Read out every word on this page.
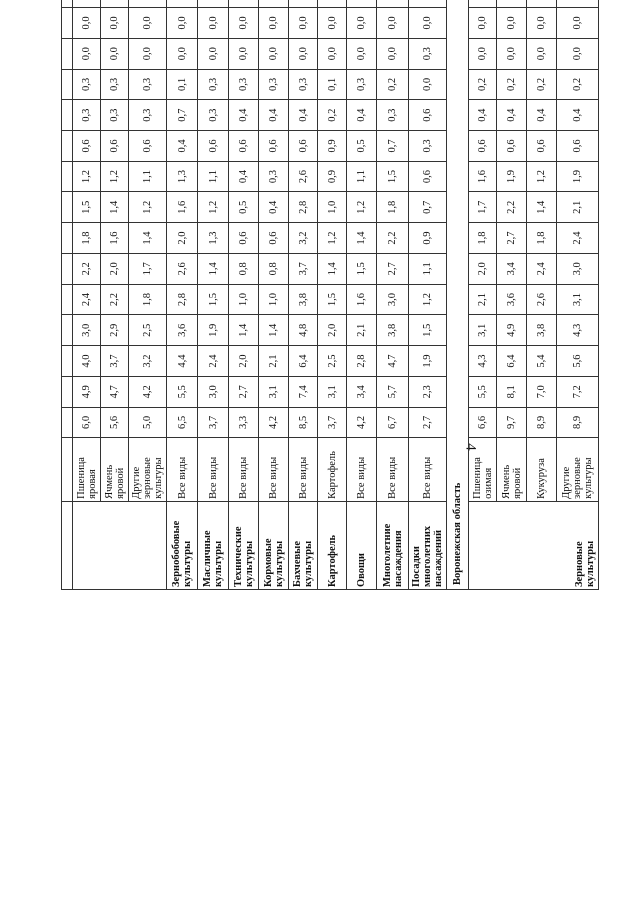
4

	Пшеница яровая	6,0	4,9	4,0	3,0	2,4	2,2	1,8	1,5	1,2	0,6	0,3	0,3	0,0	0,0					
	Ячмень яровой	5,6	4,7	3,7	2,9	2,2	2,0	1,6	1,4	1,2	0,6	0,3	0,3	0,0	0,0					
	Другие зерновые культуры	5,0	4,2	3,2	2,5	1,8	1,7	1,4	1,2	1,1	0,6	0,3	0,3	0,0	0,0					
Зернобобовые культуры	Все виды	6,5	5,5	4,4	3,6	2,8	2,6	2,0	1,6	1,3	0,4	0,7	0,1	0,0	0,0					
Масличные культуры	Все виды	3,7	3,0	2,4	1,9	1,5	1,4	1,3	1,2	1,1	0,6	0,3	0,3	0,0	0,0					
Технические культуры	Все виды	3,3	2,7	2,0	1,4	1,0	0,8	0,6	0,5	0,4	0,6	0,4	0,3	0,0	0,0					
Кормовые культуры	Все виды	4,2	3,1	2,1	1,4	1,0	0,8	0,6	0,4	0,3	0,6	0,4	0,3	0,0	0,0					
Бахчевые культуры	Все виды	8,5	7,4	6,4	4,8	3,8	3,7	3,2	2,8	2,6	0,6	0,4	0,3	0,0	0,0					
Картофель	Картофель	3,7	3,1	2,5	2,0	1,5	1,4	1,2	1,0	0,9	0,9	0,2	0,1	0,0	0,0					
Овощи	Все виды	4,2	3,4	2,8	2,1	1,6	1,5	1,4	1,2	1,1	0,5	0,4	0,3	0,0	0,0					
Многолетние насаждения	Все виды	6,7	5,7	4,7	3,8	3,0	2,7	2,2	1,8	1,5	0,7	0,3	0,2	0,0	0,0					
Посадки многолетних насаждений	Все виды	2,7	2,3	1,9	1,5	1,2	1,1	0,9	0,7	0,6	0,3	0,6	0,0	0,3	0,0					
Воронежская область																				
Зерновые культуры	Пшеница озимая	6,6	5,5	4,3	3,1	2,1	2,0	1,8	1,7	1,6	0,6	0,4	0,2	0,0	0,0					
	Ячмень яровой	9,7	8,1	6,4	4,9	3,6	3,4	2,7	2,2	1,9	0,6	0,4	0,2	0,0	0,0					
	Кукуруза	8,9	7,0	5,4	3,8	2,6	2,4	1,8	1,4	1,2	0,6	0,4	0,2	0,0	0,0					
	Другие зерновые культуры	8,9	7,2	5,6	4,3	3,1	3,0	2,4	2,1	1,9	0,6	0,4	0,2	0,0	0,0					
